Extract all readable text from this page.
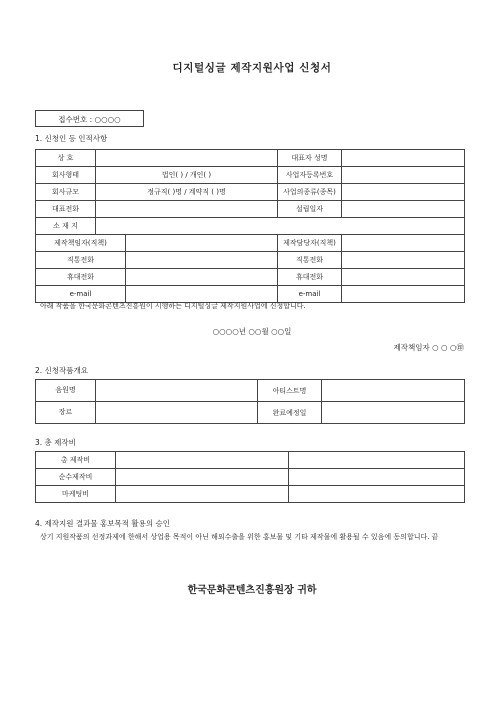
디지털싱글 제작지원사업 신청서
접수번호 : ○○○○
1. 신청인 등 인적사항
상 호			대표자 성명	
회사형태	법인( ) / 개인( )		사업자등록번호	
회사규모	정규직( )명 / 계약직 ( )명		사업의종류(종목)	
대표전화			설립일자	
소 재 지				
제작책임자(직책)			제작담당자(직책)	
직통전화			직통전화	
휴대전화			휴대전화	
e-mail			e-mail	
아래 작품을 한국문화콘텐츠진흥원이 시행하는 디지털싱글 제작지원사업에 신청합니다.
○○○○년 ○○월 ○○일
제작책임자 ○ ○ ○㊞
2. 신청작품개요
음원명		아티스트명	
장르		완료예정일	
3. 총 제작비
총 제작비		
순수제작비		
마케팅비		
4. 제작지원 결과물 홍보목적 활용의 승인
상기 지원작품의 선정과제에 한해서 상업용 목적이 아닌 해외수출을 위한 홍보물 및 기타 제작물에 활용될 수 있음에 동의합니다. 끝
한국문화콘텐츠진흥원장 귀하
